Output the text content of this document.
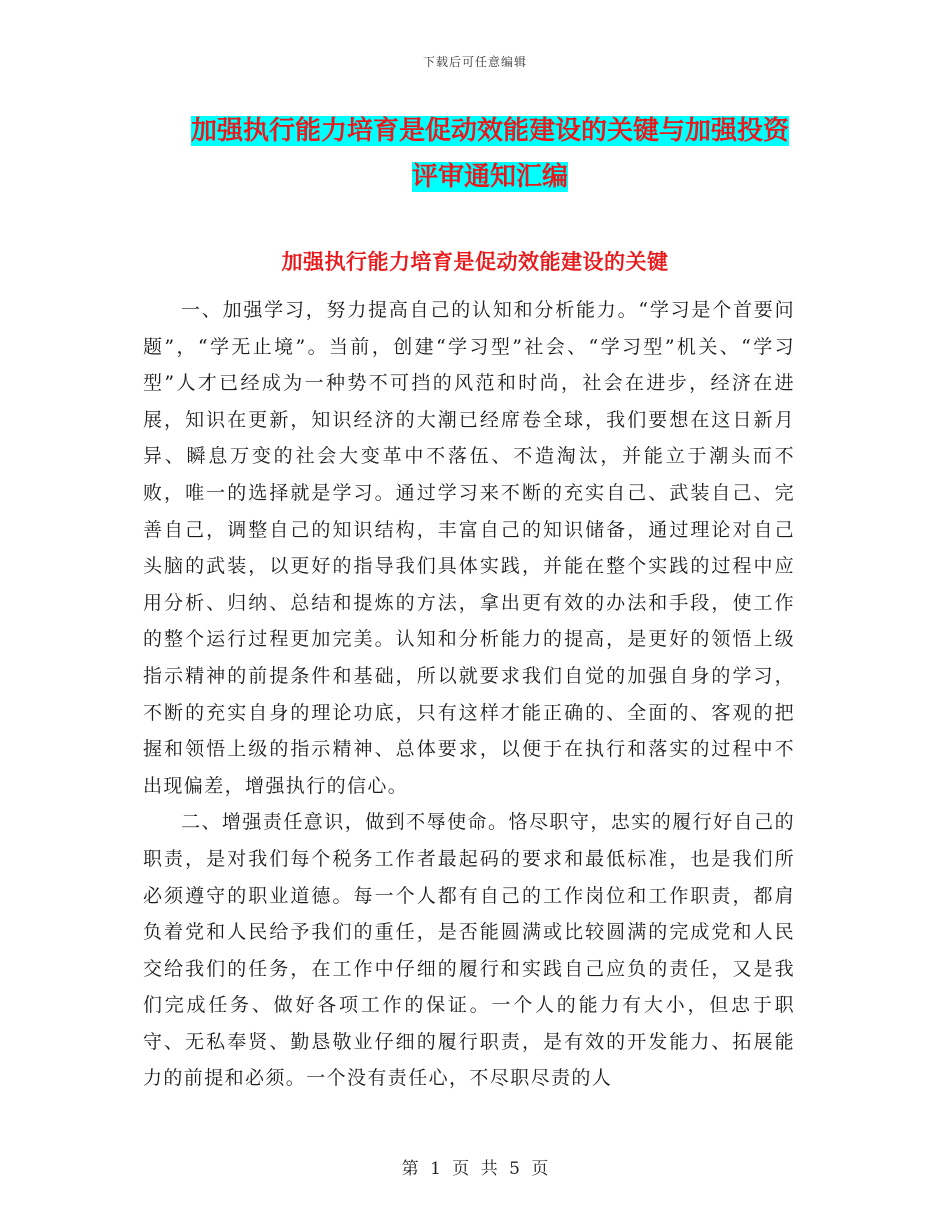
下载后可任意编辑
加强执行能力培育是促动效能建设的关键与加强投资
评审通知汇编
加强执行能力培育是促动效能建设的关键

一、加强学习，努力提高自己的认知和分析能力。“学习是个首要问题”，“学无止境”。当前，创建“学习型”社会、“学习型”机关、“学习型”人才已经成为一种势不可挡的风范和时尚，社会在进步，经济在进展，知识在更新，知识经济的大潮已经席卷全球，我们要想在这日新月异、瞬息万变的社会大变革中不落伍、不造淘汰，并能立于潮头而不败，唯一的选择就是学习。通过学习来不断的充实自己、武装自己、完善自己，调整自己的知识结构，丰富自己的知识储备，通过理论对自己头脑的武装，以更好的指导我们具体实践，并能在整个实践的过程中应用分析、归纳、总结和提炼的方法，拿出更有效的办法和手段，使工作的整个运行过程更加完美。认知和分析能力的提高，是更好的领悟上级指示精神的前提条件和基础，所以就要求我们自觉的加强自身的学习，不断的充实自身的理论功底，只有这样才能正确的、全面的、客观的把握和领悟上级的指示精神、总体要求，以便于在执行和落实的过程中不出现偏差，增强执行的信心。

二、增强责任意识，做到不辱使命。恪尽职守，忠实的履行好自己的职责，是对我们每个税务工作者最起码的要求和最低标准，也是我们所必须遵守的职业道德。每一个人都有自己的工作岗位和工作职责，都肩负着党和人民给予我们的重任，是否能圆满或比较圆满的完成党和人民交给我们的任务，在工作中仔细的履行和实践自己应负的责任，又是我们完成任务、做好各项工作的保证。一个人的能力有大小，但忠于职守、无私奉贤、勤恳敬业仔细的履行职责，是有效的开发能力、拓展能力的前提和必须。一个没有责任心，不尽职尽责的人

第 1 页 共 5 页
